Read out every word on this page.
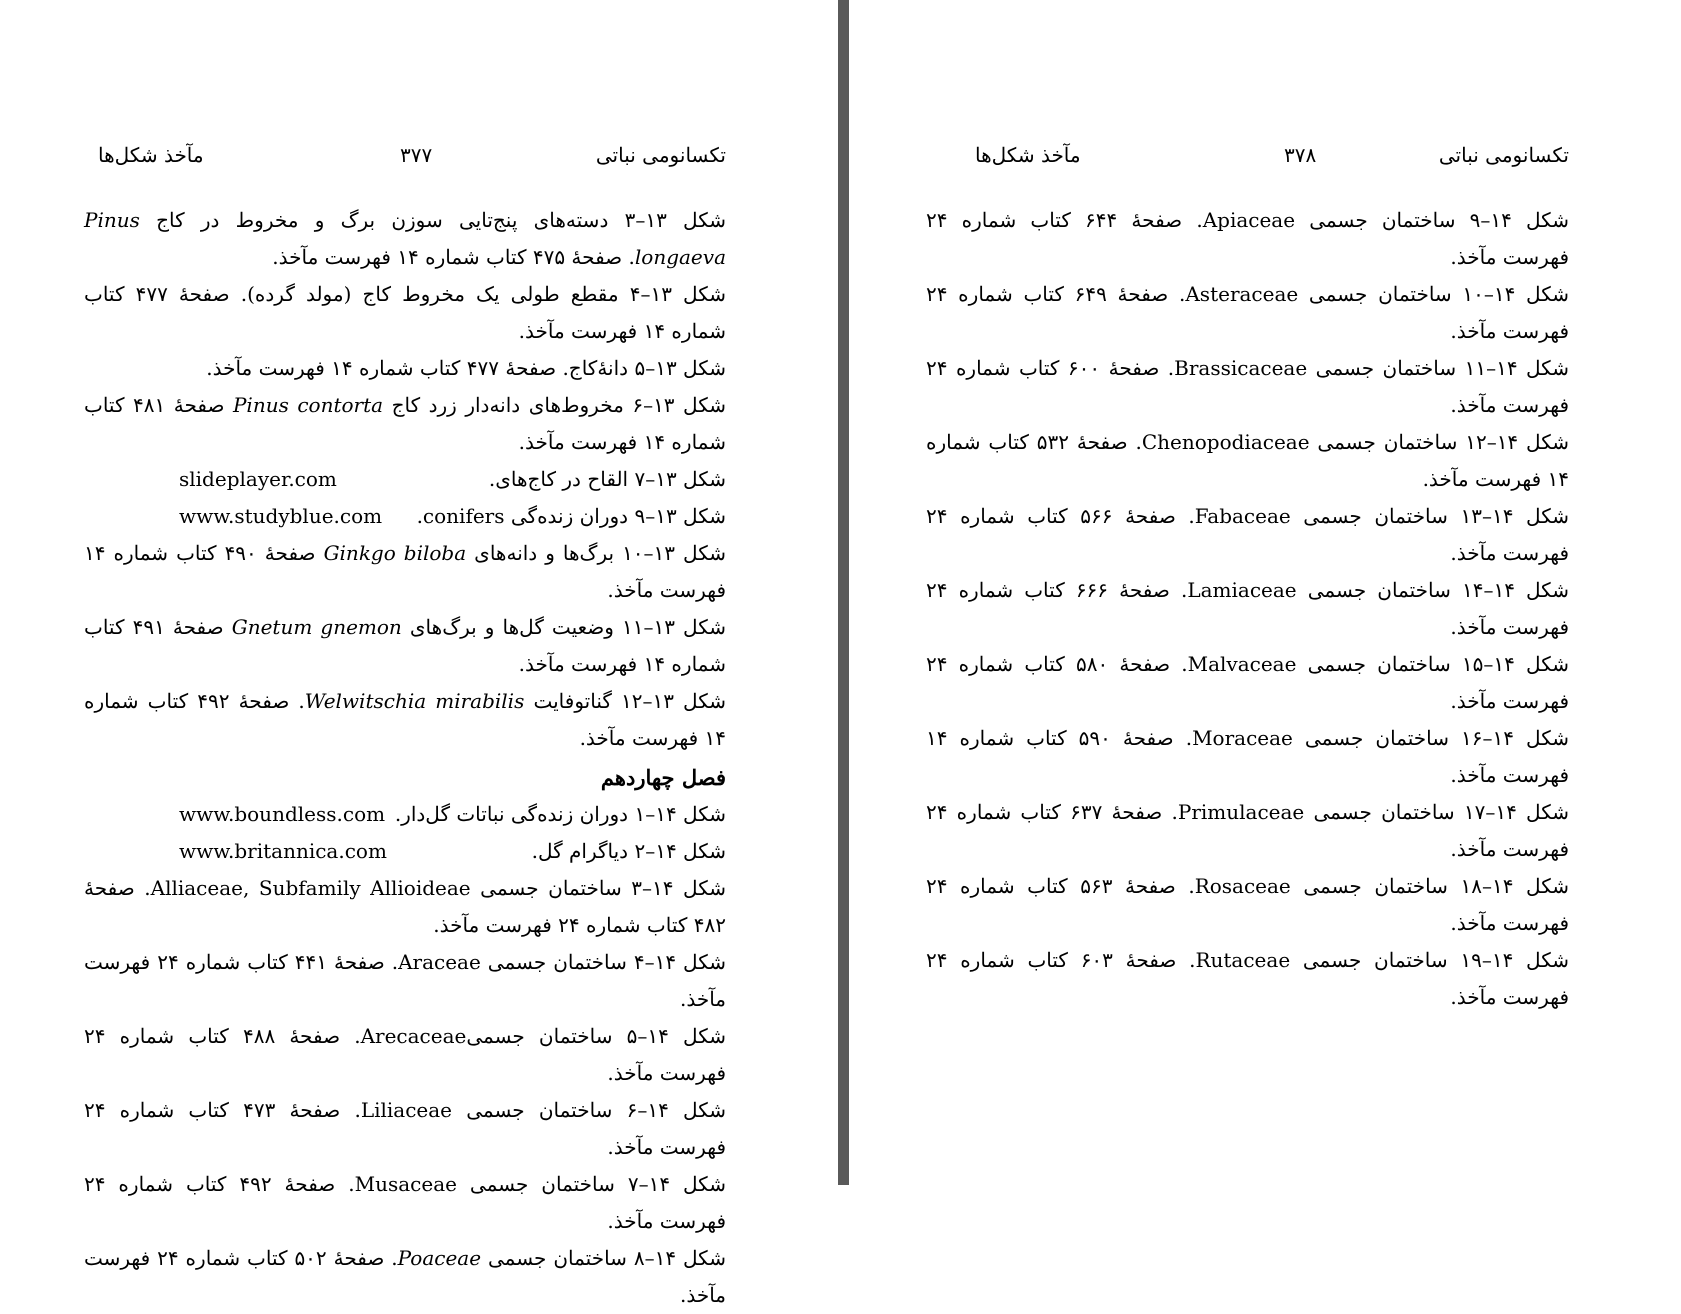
مآخذ شکل‌ها	۳۷۷	تکسانومی نباتی
شکل ۱۳–۳ دسته‌های پنج‌تایی سوزن برگ و مخروط در کاج Pinus longaeva. صفحهٔ ۴۷۵ کتاب شماره ۱۴ فهرست مآخذ.
شکل ۱۳–۴ مقطع طولی یک مخروط کاج (مولد گرده). صفحهٔ ۴۷۷ کتاب شماره ۱۴ فهرست مآخذ.
شکل ۱۳–۵ دانهٔ‌کاج. صفحهٔ ۴۷۷ کتاب شماره ۱۴ فهرست مآخذ.
شکل ۱۳–۶ مخروط‌های دانه‌دار زرد کاج Pinus contorta صفحهٔ ۴۸۱ کتاب شماره ۱۴ فهرست مآخذ.
شکل ۱۳–۷ القاح در کاج‌های.
slideplayer.com
شکل ۱۳–۹ دوران زنده‌گی conifers.
www.studyblue.com
شکل ۱۳–۱۰ برگ‌ها و دانه‌های Ginkgo biloba صفحهٔ ۴۹۰ کتاب شماره ۱۴ فهرست مآخذ.
شکل ۱۳–۱۱ وضعیت گل‌ها و برگ‌های Gnetum gnemon صفحهٔ ۴۹۱ کتاب شماره ۱۴ فهرست مآخذ.
شکل ۱۳–۱۲ گناتوفایت Welwitschia mirabilis. صفحهٔ ۴۹۲ کتاب شماره ۱۴ فهرست مآخذ.
فصل چهاردهم
شکل ۱۴–۱ دوران زنده‌گی نباتات گل‌دار.
www.boundless.com
شکل ۱۴–۲ دیاگرام گل.
www.britannica.com
شکل ۱۴–۳ ساختمان جسمی Alliaceae, Subfamily Allioideae. صفحهٔ ۴۸۲ کتاب شماره ۲۴ فهرست مآخذ.
شکل ۱۴–۴ ساختمان جسمی Araceae. صفحهٔ ۴۴۱ کتاب شماره ۲۴ فهرست مآخذ.
شکل ۱۴–۵ ساختمان جسمی‌Arecaceae. صفحهٔ ۴۸۸ کتاب شماره ۲۴ فهرست مآخذ.
شکل ۱۴–۶ ساختمان جسمی Liliaceae. صفحهٔ ۴۷۳ کتاب شماره ۲۴ فهرست مآخذ.
شکل ۱۴–۷ ساختمان جسمی Musaceae. صفحهٔ ۴۹۲ کتاب شماره ۲۴ فهرست مآخذ.
شکل ۱۴–۸ ساختمان جسمی Poaceae. صفحهٔ ۵۰۲ کتاب شماره ۲۴ فهرست مآخذ.
مآخذ شکل‌ها	۳۷۸	تکسانومی نباتی
شکل ۱۴–۹ ساختمان جسمی Apiaceae. صفحهٔ ۶۴۴ کتاب شماره ۲۴ فهرست مآخذ.
شکل ۱۴–۱۰ ساختمان جسمی Asteraceae. صفحهٔ ۶۴۹ کتاب شماره ۲۴ فهرست مآخذ.
شکل ۱۴–۱۱ ساختمان جسمی Brassicaceae. صفحهٔ ۶۰۰ کتاب شماره ۲۴ فهرست مآخذ.
شکل ۱۴–۱۲ ساختمان جسمی Chenopodiaceae. صفحهٔ ۵۳۲ کتاب شماره ۱۴ فهرست مآخذ.
شکل ۱۴–۱۳ ساختمان جسمی Fabaceae. صفحهٔ ۵۶۶ کتاب شماره ۲۴ فهرست مآخذ.
شکل ۱۴–۱۴ ساختمان جسمی Lamiaceae. صفحهٔ ۶۶۶ کتاب شماره ۲۴ فهرست مآخذ.
شکل ۱۴–۱۵ ساختمان جسمی Malvaceae. صفحهٔ ۵۸۰ کتاب شماره ۲۴ فهرست مآخذ.
شکل ۱۴–۱۶ ساختمان جسمی Moraceae. صفحهٔ ۵۹۰ کتاب شماره ۱۴ فهرست مآخذ.
شکل ۱۴–۱۷ ساختمان جسمی Primulaceae. صفحهٔ ۶۳۷ کتاب شماره ۲۴ فهرست مآخذ.
شکل ۱۴–۱۸ ساختمان جسمی Rosaceae. صفحهٔ ۵۶۳ کتاب شماره ۲۴ فهرست مآخذ.
شکل ۱۴–۱۹ ساختمان جسمی Rutaceae. صفحهٔ ۶۰۳ کتاب شماره ۲۴ فهرست مآخذ.
